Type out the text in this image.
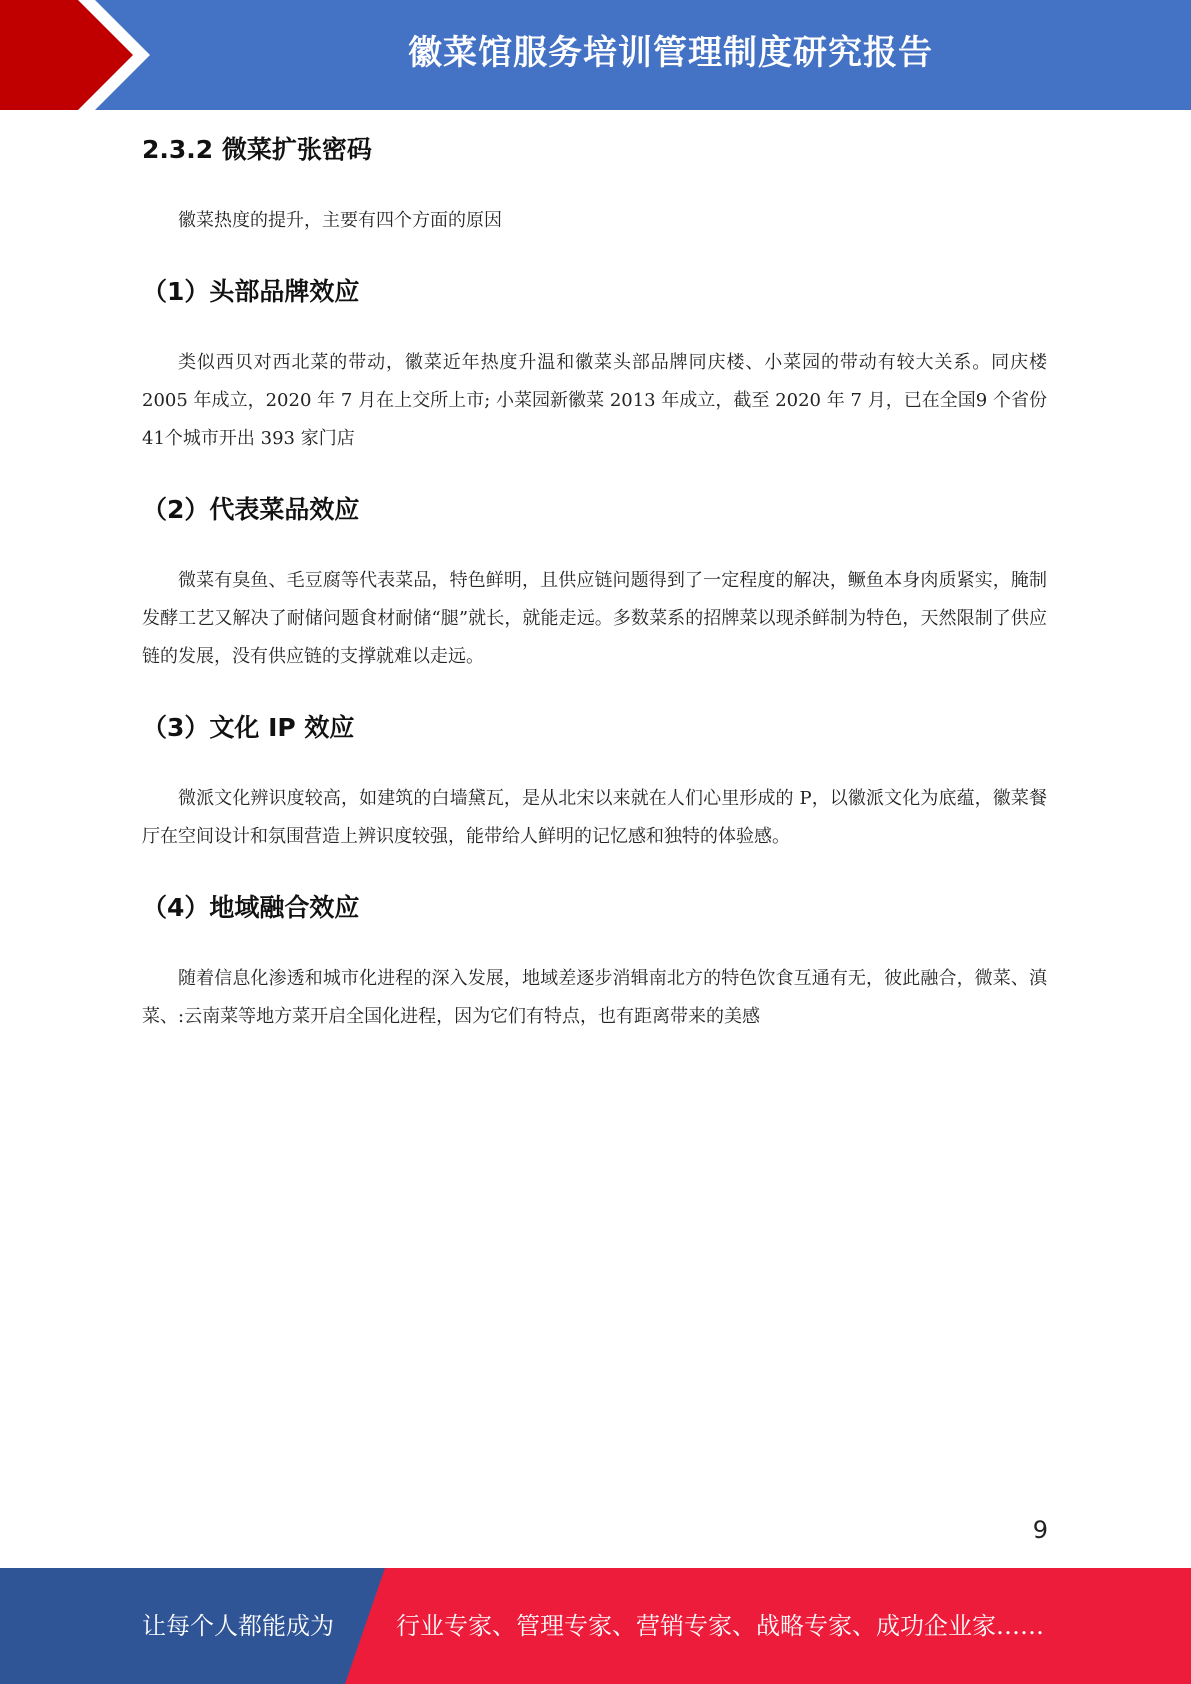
徽菜馆服务培训管理制度研究报告
2.3.2 微菜扩张密码

徽菜热度的提升，主要有四个方面的原因

（1）头部品牌效应

类似西贝对西北菜的带动，徽菜近年热度升温和徽菜头部品牌同庆楼、小菜园的带动有较大关系。同庆楼 2005 年成立，2020 年 7 月在上交所上市; 小菜园新徽菜 2013 年成立，截至 2020 年 7 月，已在全国9 个省份 41个城市开出 393 家门店

（2）代表菜品效应

微菜有臭鱼、毛豆腐等代表菜品，特色鲜明，且供应链问题得到了一定程度的解决，鳜鱼本身肉质紧实，腌制发酵工艺又解决了耐储问题食材耐储“腿”就长，就能走远。多数菜系的招牌菜以现杀鲜制为特色，天然限制了供应链的发展，没有供应链的支撑就难以走远。

（3）文化 IP 效应

微派文化辨识度较高，如建筑的白墙黛瓦，是从北宋以来就在人们心里形成的 P，以徽派文化为底蕴，徽菜餐厅在空间设计和氛围营造上辨识度较强，能带给人鲜明的记忆感和独特的体验感。

（4）地域融合效应

随着信息化渗透和城市化进程的深入发展，地域差逐步消辑南北方的特色饮食互通有无，彼此融合，微菜、滇菜、:云南菜等地方菜开启全国化进程，因为它们有特点，也有距离带来的美感

9
让每个人都能成为	行业专家、管理专家、营销专家、战略专家、成功企业家……
